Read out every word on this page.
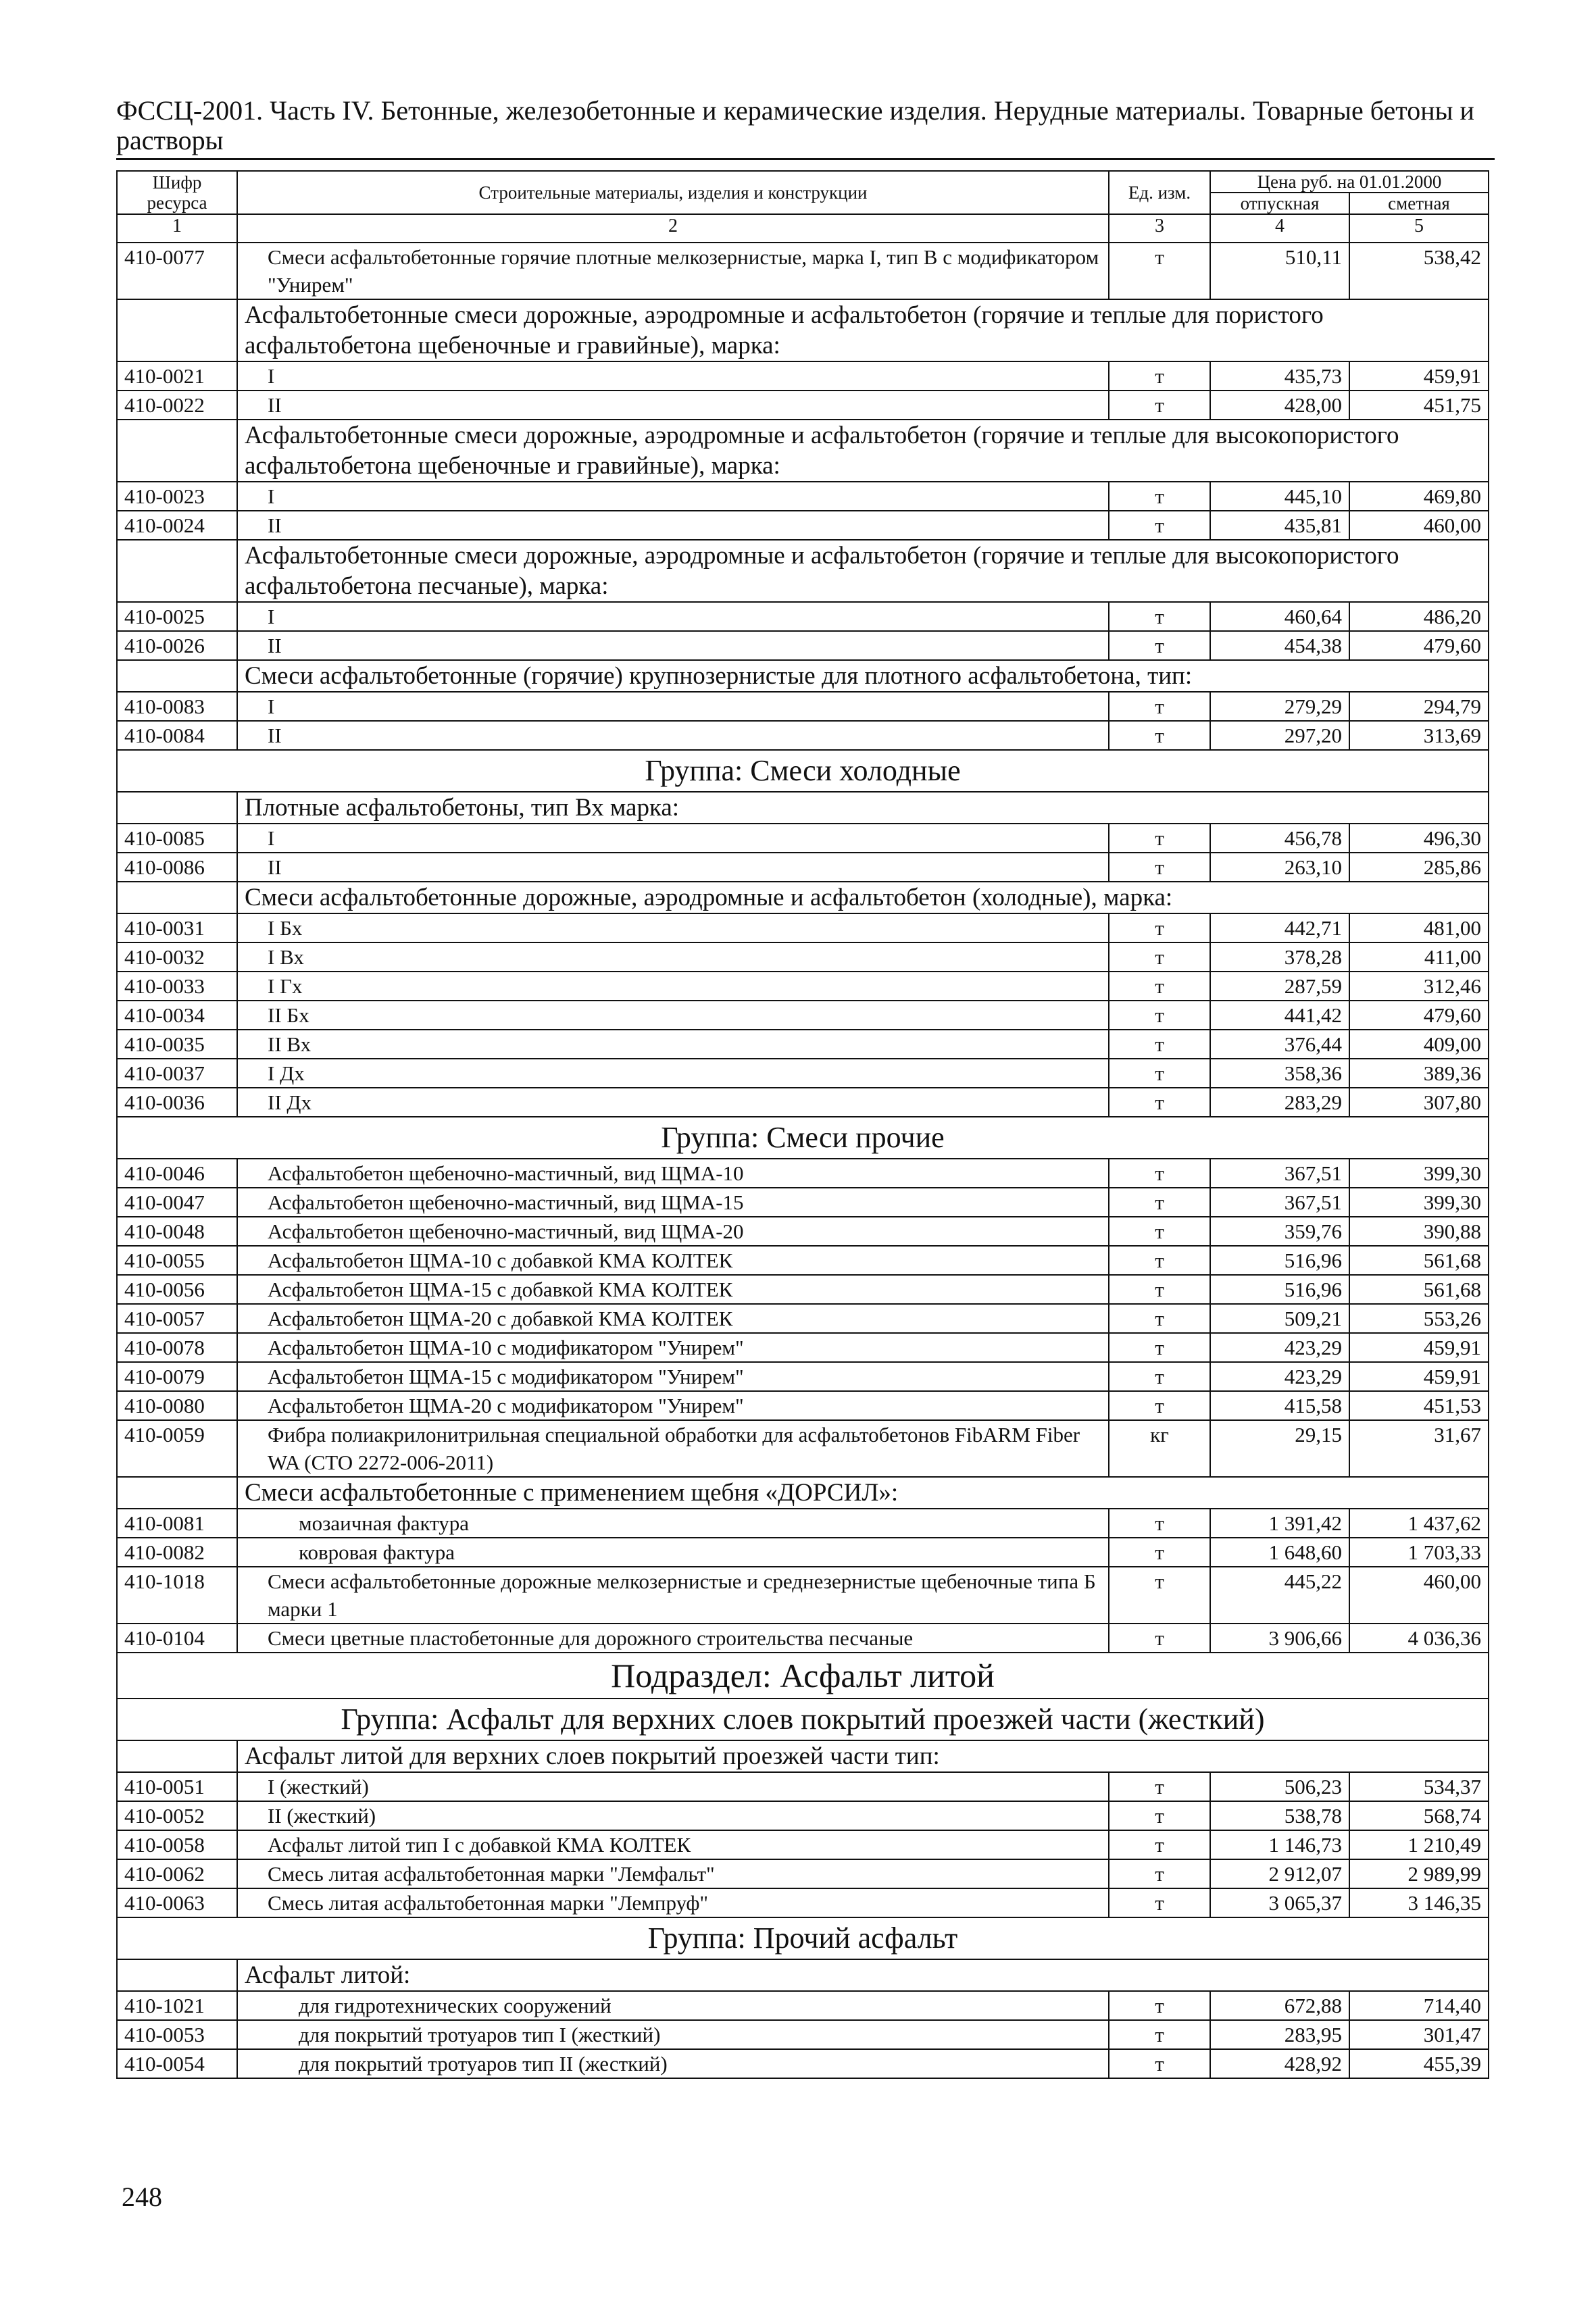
ФССЦ-2001. Часть IV. Бетонные, железобетонные и керамические изделия. Нерудные материалы. Товарные бетоны и растворы
Шифр ресурса	Строительные материалы, изделия и конструкции	Ед. изм.	Цена руб. на 01.01.2000	
			отпускная	сметная
1	2	3	4	5
410-0077	Смеси асфальтобетонные горячие плотные мелкозернистые, марка I, тип В с модификатором "Унирем"	т	510,11	538,42
	Асфальтобетонные смеси дорожные, аэродромные и асфальтобетон (горячие и теплые для пористого асфальтобетона щебеночные и гравийные), марка:			
410-0021	I	т	435,73	459,91
410-0022	II	т	428,00	451,75
	Асфальтобетонные смеси дорожные, аэродромные и асфальтобетон (горячие и теплые для высокопористого асфальтобетона щебеночные и гравийные), марка:			
410-0023	I	т	445,10	469,80
410-0024	II	т	435,81	460,00
	Асфальтобетонные смеси дорожные, аэродромные и асфальтобетон (горячие и теплые для высокопористого асфальтобетона песчаные), марка:			
410-0025	I	т	460,64	486,20
410-0026	II	т	454,38	479,60
	Смеси асфальтобетонные (горячие) крупнозернистые для плотного асфальтобетона, тип:			
410-0083	I	т	279,29	294,79
410-0084	II	т	297,20	313,69
Группа: Смеси холодные				
	Плотные асфальтобетоны, тип Вх марка:			
410-0085	I	т	456,78	496,30
410-0086	II	т	263,10	285,86
	Смеси асфальтобетонные дорожные, аэродромные и асфальтобетон (холодные), марка:			
410-0031	I Бх	т	442,71	481,00
410-0032	I Вх	т	378,28	411,00
410-0033	I Гх	т	287,59	312,46
410-0034	II Бх	т	441,42	479,60
410-0035	II Вх	т	376,44	409,00
410-0037	I Дх	т	358,36	389,36
410-0036	II Дх	т	283,29	307,80
Группа: Смеси прочие				
410-0046	Асфальтобетон щебеночно-мастичный, вид ЩМА-10	т	367,51	399,30
410-0047	Асфальтобетон щебеночно-мастичный, вид ЩМА-15	т	367,51	399,30
410-0048	Асфальтобетон щебеночно-мастичный, вид ЩМА-20	т	359,76	390,88
410-0055	Асфальтобетон ЩМА-10 с добавкой КМА КОЛТЕК	т	516,96	561,68
410-0056	Асфальтобетон ЩМА-15 с добавкой КМА КОЛТЕК	т	516,96	561,68
410-0057	Асфальтобетон ЩМА-20 с добавкой КМА КОЛТЕК	т	509,21	553,26
410-0078	Асфальтобетон ЩМА-10 с модификатором "Унирем"	т	423,29	459,91
410-0079	Асфальтобетон ЩМА-15 с модификатором "Унирем"	т	423,29	459,91
410-0080	Асфальтобетон ЩМА-20 с модификатором "Унирем"	т	415,58	451,53
410-0059	Фибра полиакрилонитрильная специальной обработки для асфальтобетонов FibARM Fiber WA (СТО 2272-006-2011)	кг	29,15	31,67
	Смеси асфальтобетонные с применением щебня «ДОРСИЛ»:			
410-0081	мозаичная фактура	т	1 391,42	1 437,62
410-0082	ковровая фактура	т	1 648,60	1 703,33
410-1018	Смеси асфальтобетонные дорожные мелкозернистые и среднезернистые щебеночные типа Б марки 1	т	445,22	460,00
410-0104	Смеси цветные пластобетонные для дорожного строительства песчаные	т	3 906,66	4 036,36
Подраздел: Асфальт литой				
Группа: Асфальт для верхних слоев покрытий проезжей части (жесткий)				
	Асфальт литой для верхних слоев покрытий проезжей части тип:			
410-0051	I (жесткий)	т	506,23	534,37
410-0052	II (жесткий)	т	538,78	568,74
410-0058	Асфальт литой тип I с добавкой КМА КОЛТЕК	т	1 146,73	1 210,49
410-0062	Смесь литая асфальтобетонная марки "Лемфальт"	т	2 912,07	2 989,99
410-0063	Смесь литая асфальтобетонная марки "Лемпруф"	т	3 065,37	3 146,35
Группа: Прочий асфальт				
	Асфальт литой:			
410-1021	для гидротехнических сооружений	т	672,88	714,40
410-0053	для покрытий тротуаров тип I (жесткий)	т	283,95	301,47
410-0054	для покрытий тротуаров тип II (жесткий)	т	428,92	455,39
248
